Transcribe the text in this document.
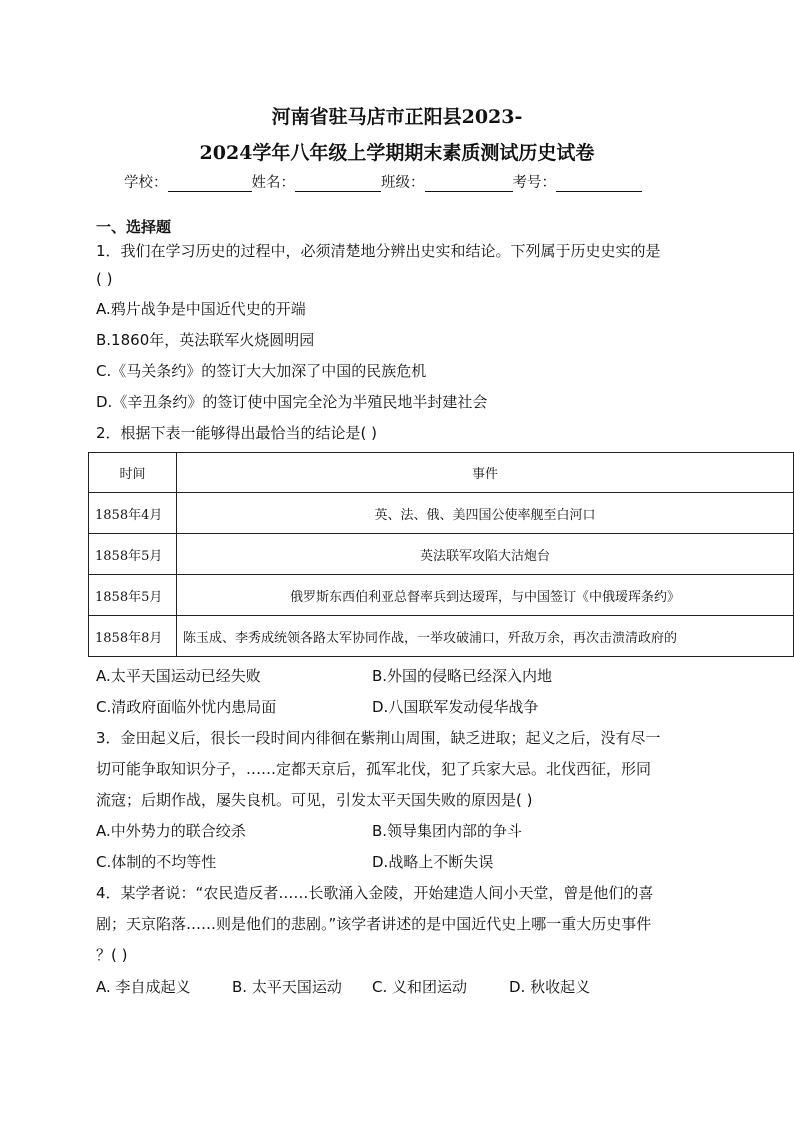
河南省驻马店市正阳县2023-
2024学年八年级上学期期末素质测试历史试卷
学校：	姓名：	班级：	考号：
一、选择题
1．我们在学习历史的过程中，必须清楚地分辨出史实和结论。下列属于历史史实的是
( )
A.鸦片战争是中国近代史的开端
B.1860年，英法联军火烧圆明园
C.《马关条约》的签订大大加深了中国的民族危机
D.《辛丑条约》的签订使中国完全沦为半殖民地半封建社会
2．根据下表一能够得出最恰当的结论是( )
时间	事件
1858年4月	英、法、俄、美四国公使率舰至白河口
1858年5月	英法联军攻陷大沽炮台
1858年5月	俄罗斯东西伯利亚总督率兵到达瑷珲，与中国签订《中俄瑷珲条约》
1858年8月	陈玉成、李秀成统领各路太军协同作战，一举攻破浦口，歼敌万余，再次击溃清政府的
A.太平天国运动已经失败	B.外国的侵略已经深入内地
C.清政府面临外忧内患局面	D.八国联军发动侵华战争
3．金田起义后，很长一段时间内徘徊在紫荆山周围，缺乏进取；起义之后，没有尽一
切可能争取知识分子，……定都天京后，孤军北伐，犯了兵家大忌。北伐西征，形同
流寇；后期作战，屡失良机。可见，引发太平天国失败的原因是( )
A.中外势力的联合绞杀	B.领导集团内部的争斗
C.体制的不均等性	D.战略上不断失误
4．某学者说：“农民造反者……长歌涌入金陵，开始建造人间小天堂，曾是他们的喜
剧；天京陷落……则是他们的悲剧。”该学者讲述的是中国近代史上哪一重大历史事件
？( )
A. 李自成起义	B. 太平天国运动 C. 义和团运动	D. 秋收起义
